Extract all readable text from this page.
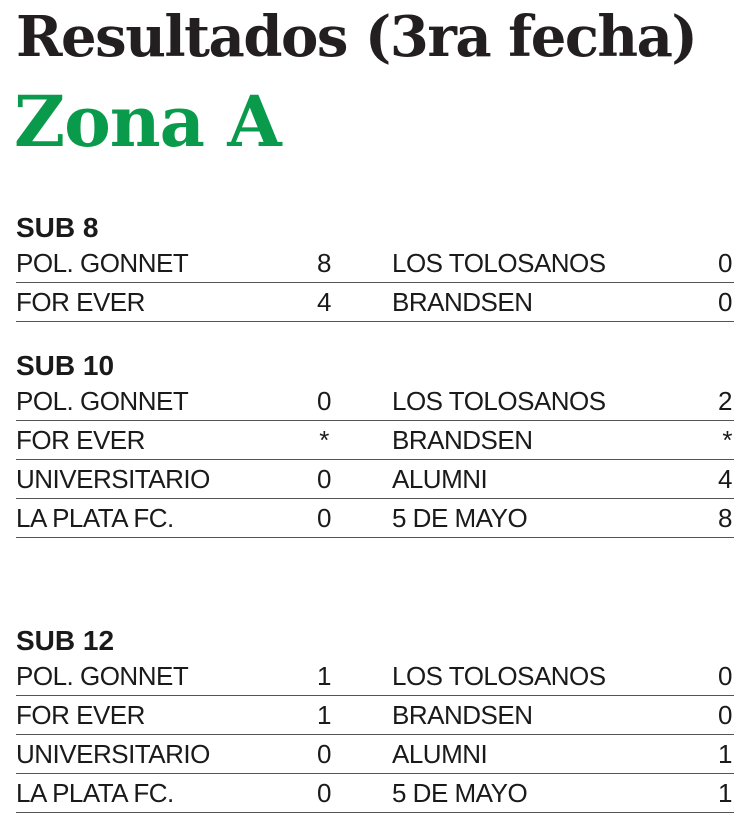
Resultados (3ra fecha)
Zona A
SUB 8
POL. GONNET	8 LOS TOLOSANOS	0
FOR EVER	4 BRANDSEN	0
SUB 10
POL. GONNET	0 LOS TOLOSANOS	2
FOR EVER	* BRANDSEN	*
UNIVERSITARIO	0 ALUMNI	4
LA PLATA FC.	0 5 DE MAYO	8
SUB 12
POL. GONNET	1 LOS TOLOSANOS	0
FOR EVER	1 BRANDSEN	0
UNIVERSITARIO	0 ALUMNI	1
LA PLATA FC.	0 5 DE MAYO	1
